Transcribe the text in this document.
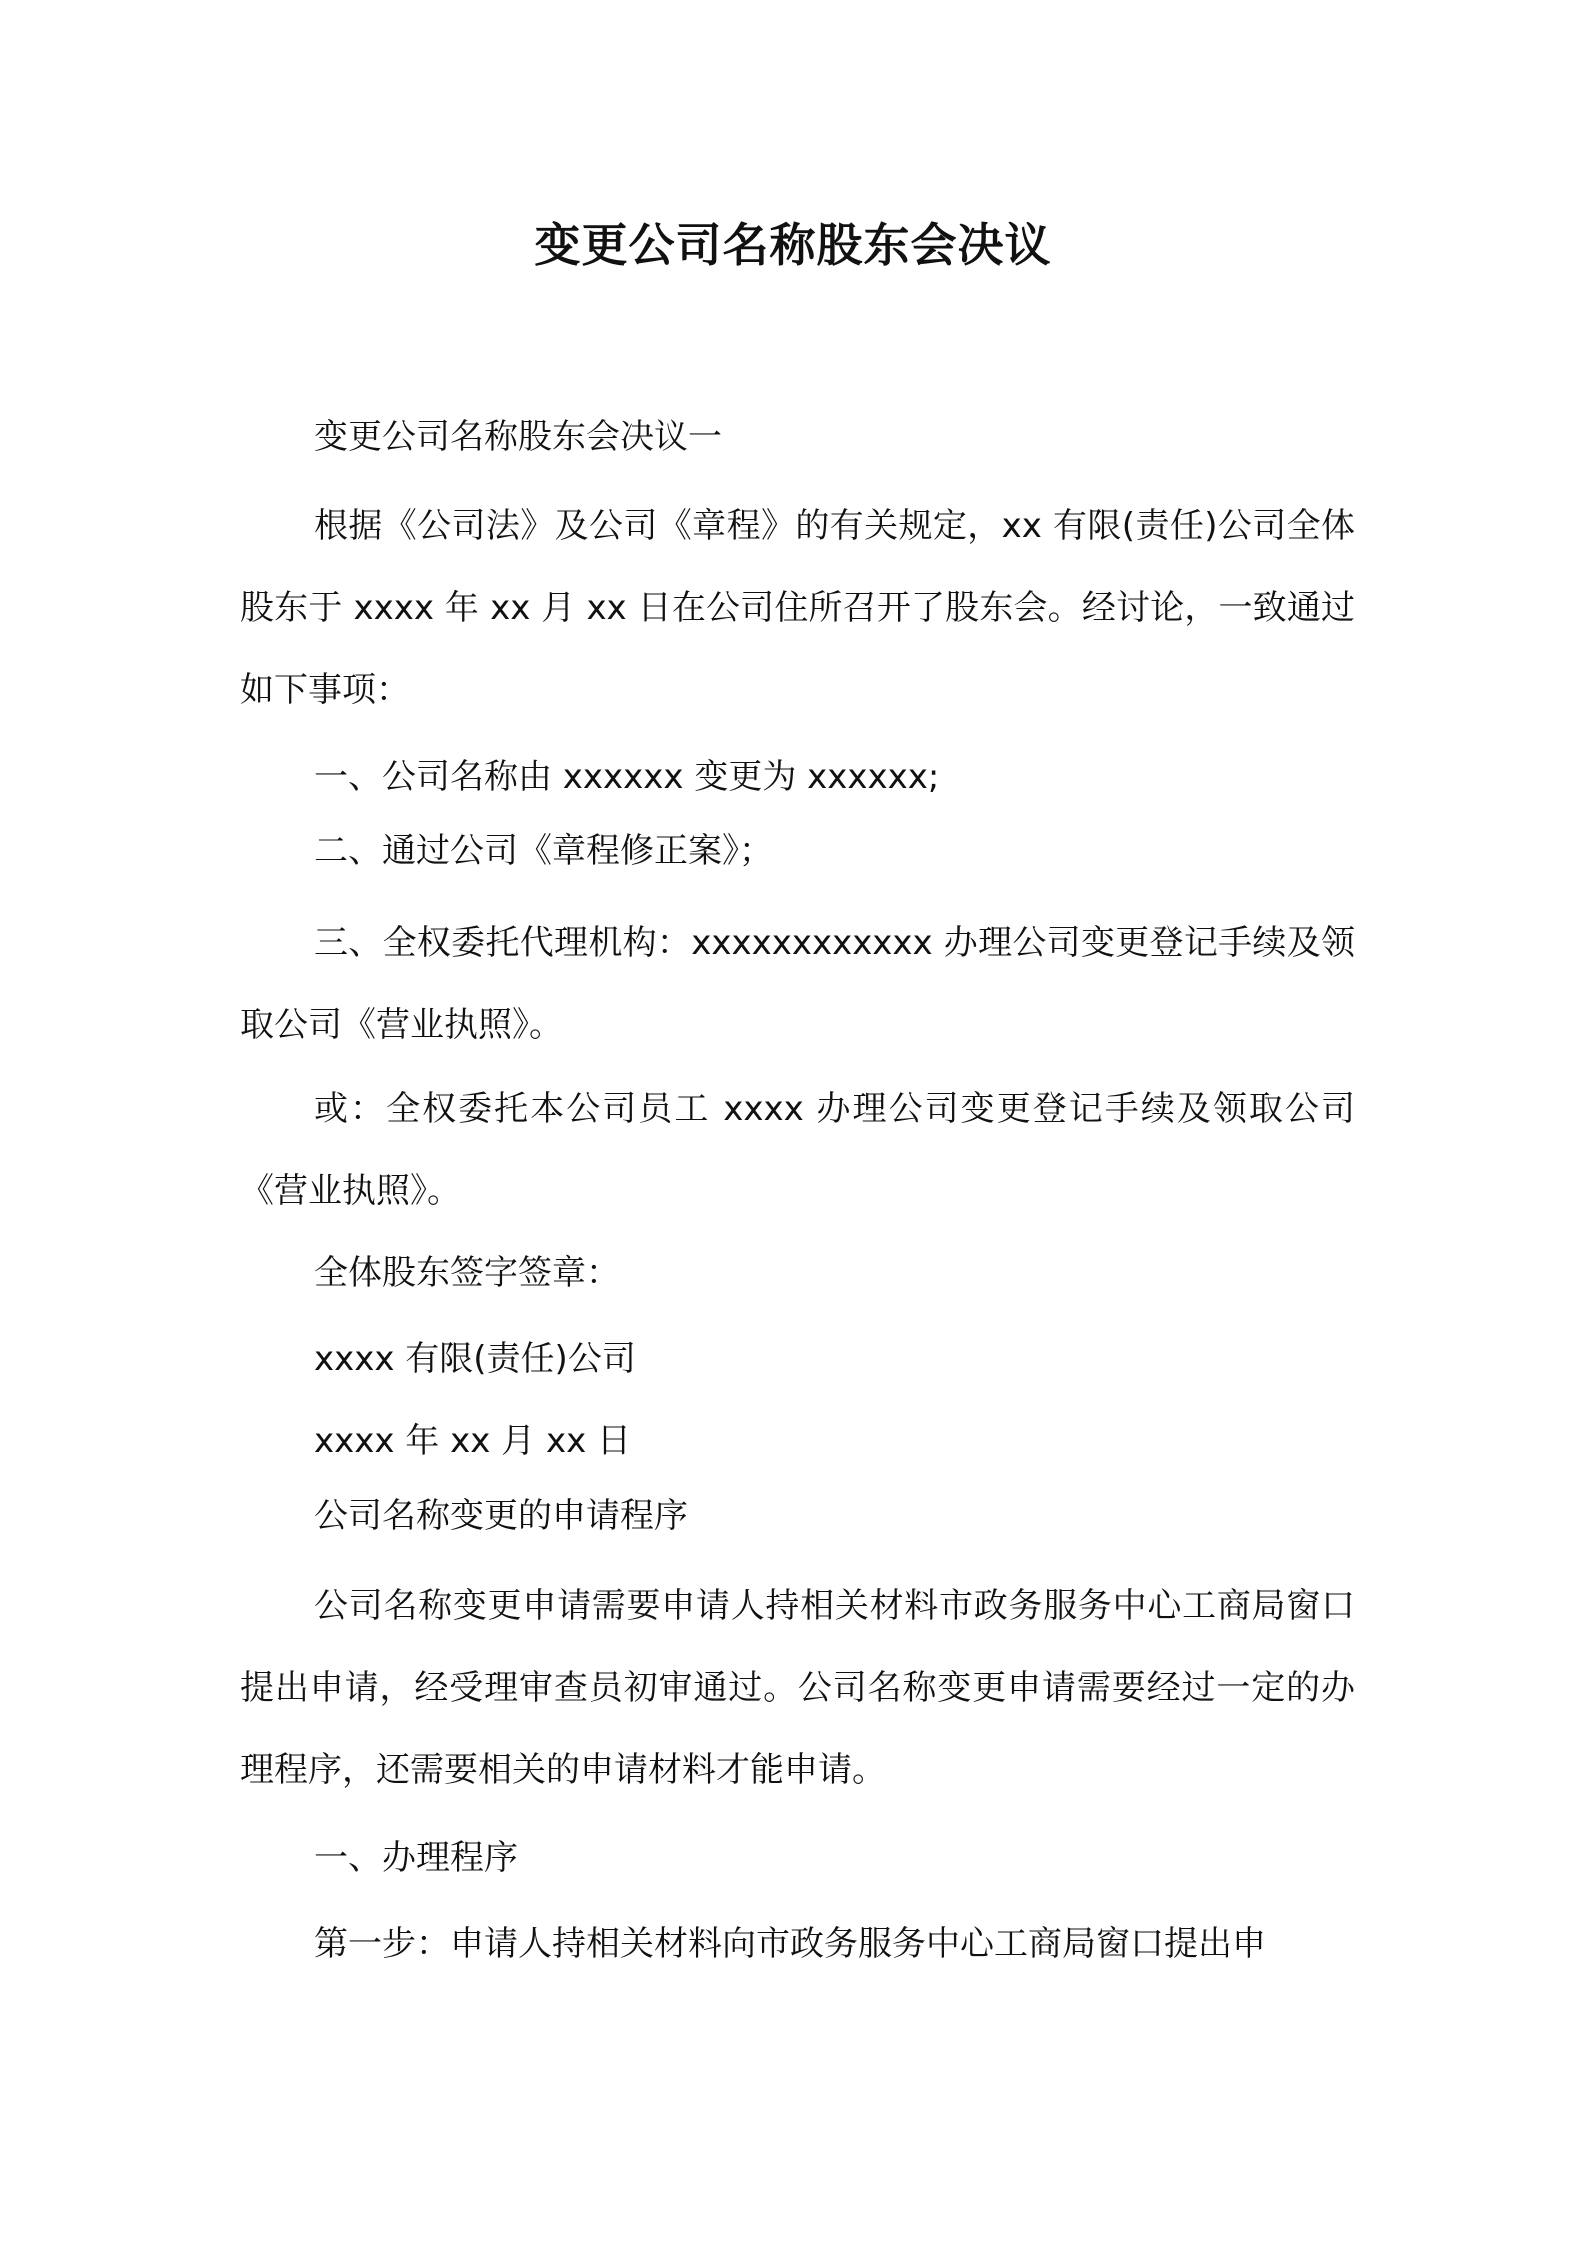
变更公司名称股东会决议

变更公司名称股东会决议一

根据《公司法》及公司《章程》的有关规定，xx 有限(责任)公司全体股东于 xxxx 年 xx 月 xx 日在公司住所召开了股东会。经讨论，一致通过如下事项：

一、公司名称由 xxxxxx 变更为 xxxxxx;

二、通过公司《章程修正案》；

三、全权委托代理机构：xxxxxxxxxxxx 办理公司变更登记手续及领取公司《营业执照》。

或：全权委托本公司员工 xxxx 办理公司变更登记手续及领取公司《营业执照》。

全体股东签字签章：

xxxx 有限(责任)公司

xxxx 年 xx 月 xx 日

公司名称变更的申请程序

公司名称变更申请需要申请人持相关材料市政务服务中心工商局窗口提出申请，经受理审查员初审通过。公司名称变更申请需要经过一定的办理程序，还需要相关的申请材料才能申请。

一、办理程序

第一步：申请人持相关材料向市政务服务中心工商局窗口提出申
